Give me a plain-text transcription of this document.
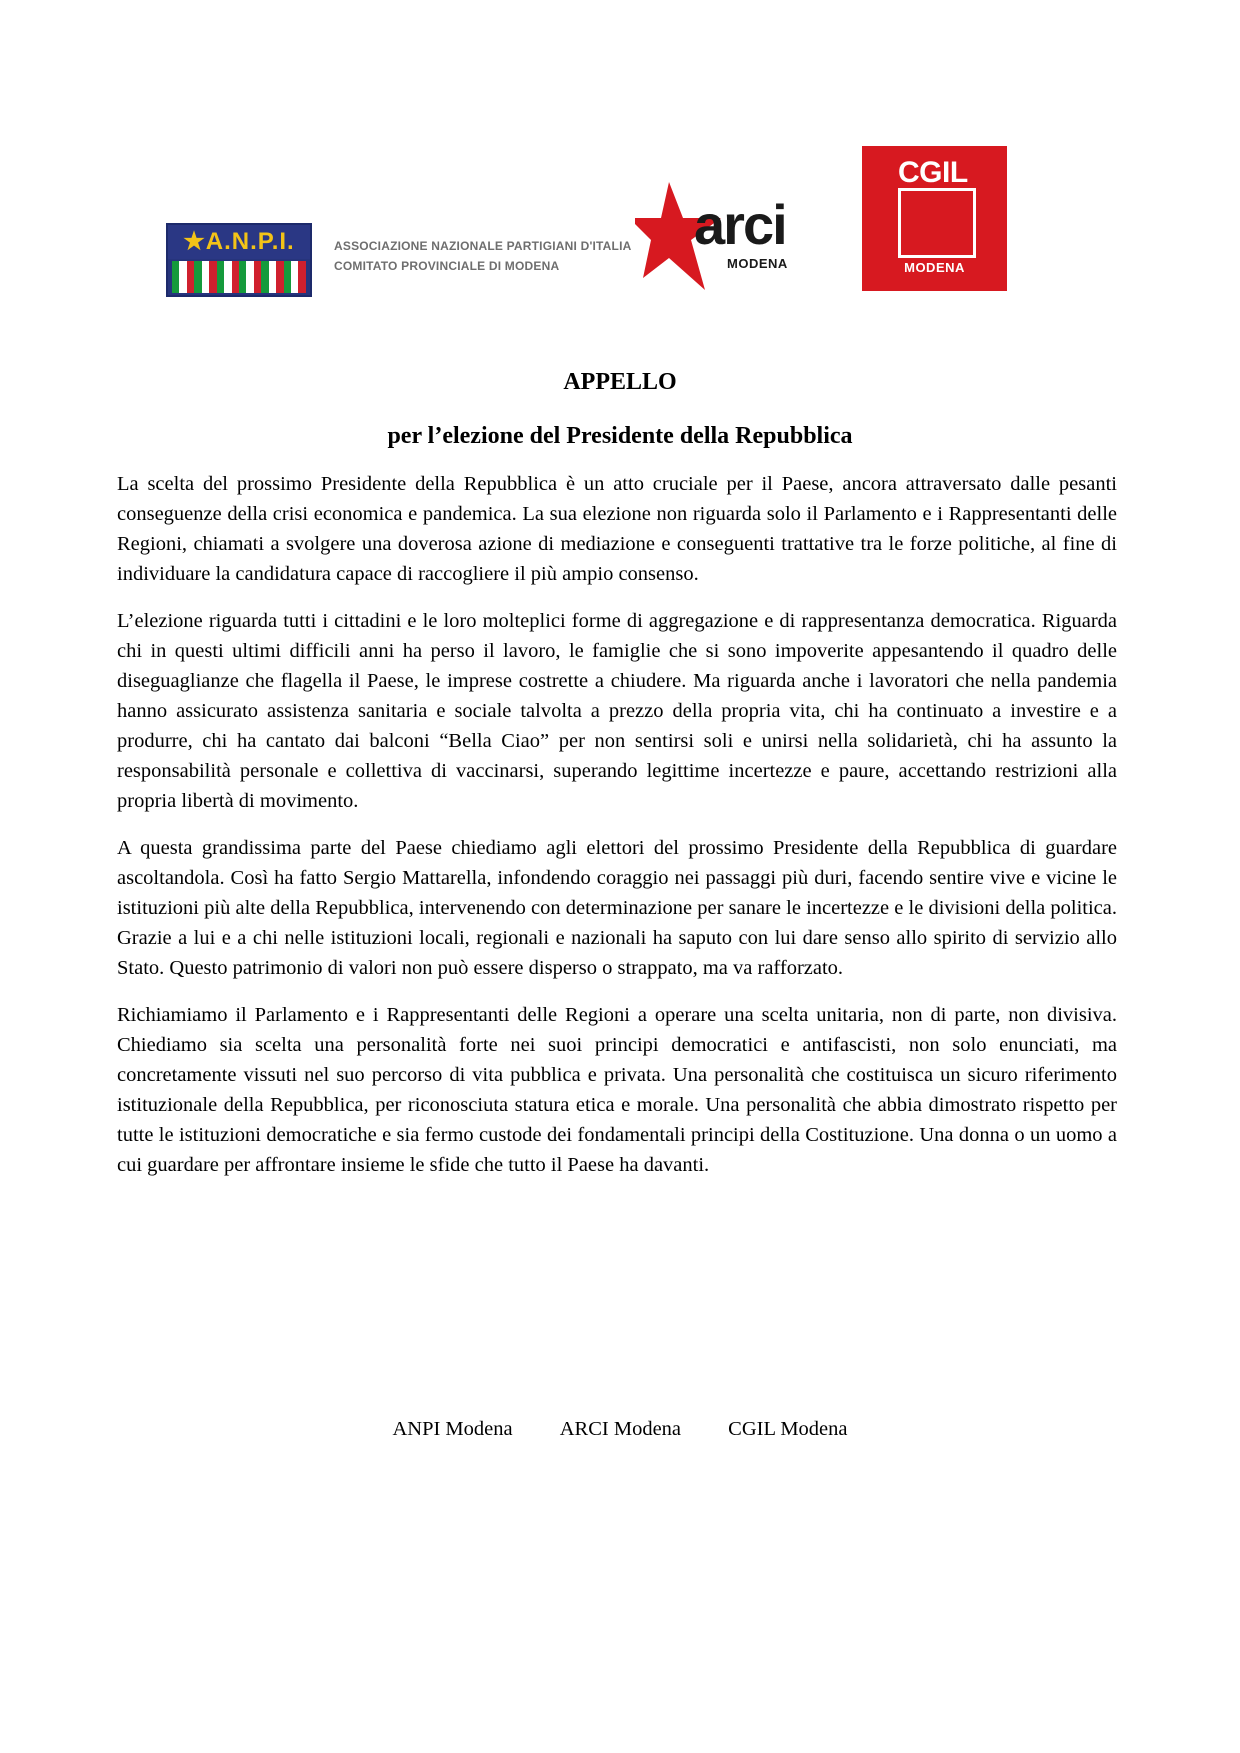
★A.N.P.I.	ASSOCIAZIONE NAZIONALE PARTIGIANI D'ITALIA
COMITATO PROVINCIALE DI MODENA
arci
MODENA
CGIL
MODENA
APPELLO
per l’elezione del Presidente della Repubblica

La scelta del prossimo Presidente della Repubblica è un atto cruciale per il Paese, ancora attraversato dalle pesanti conseguenze della crisi economica e pandemica. La sua elezione non riguarda solo il Parlamento e i Rappresentanti delle Regioni, chiamati a svolgere una doverosa azione di mediazione e conseguenti trattative tra le forze politiche, al fine di individuare la candidatura capace di raccogliere il più ampio consenso.

L’elezione riguarda tutti i cittadini e le loro molteplici forme di aggregazione e di rappresentanza democratica. Riguarda chi in questi ultimi difficili anni ha perso il lavoro, le famiglie che si sono impoverite appesantendo il quadro delle diseguaglianze che flagella il Paese, le imprese costrette a chiudere. Ma riguarda anche i lavoratori che nella pandemia hanno assicurato assistenza sanitaria e sociale talvolta a prezzo della propria vita, chi ha continuato a investire e a produrre, chi ha cantato dai balconi “Bella Ciao” per non sentirsi soli e unirsi nella solidarietà, chi ha assunto la responsabilità personale e collettiva di vaccinarsi, superando legittime incertezze e paure, accettando restrizioni alla propria libertà di movimento.

A questa grandissima parte del Paese chiediamo agli elettori del prossimo Presidente della Repubblica di guardare ascoltandola. Così ha fatto Sergio Mattarella, infondendo coraggio nei passaggi più duri, facendo sentire vive e vicine le istituzioni più alte della Repubblica, intervenendo con determinazione per sanare le incertezze e le divisioni della politica. Grazie a lui e a chi nelle istituzioni locali, regionali e nazionali ha saputo con lui dare senso allo spirito di servizio allo Stato. Questo patrimonio di valori non può essere disperso o strappato, ma va rafforzato.

Richiamiamo il Parlamento e i Rappresentanti delle Regioni a operare una scelta unitaria, non di parte, non divisiva. Chiediamo sia scelta una personalità forte nei suoi principi democratici e antifascisti, non solo enunciati, ma concretamente vissuti nel suo percorso di vita pubblica e privata. Una personalità che costituisca un sicuro riferimento istituzionale della Repubblica, per riconosciuta statura etica e morale. Una personalità che abbia dimostrato rispetto per tutte le istituzioni democratiche e sia fermo custode dei fondamentali principi della Costituzione. Una donna o un uomo a cui guardare per affrontare insieme le sfide che tutto il Paese ha davanti.

ANPI Modena ARCI Modena CGIL Modena
